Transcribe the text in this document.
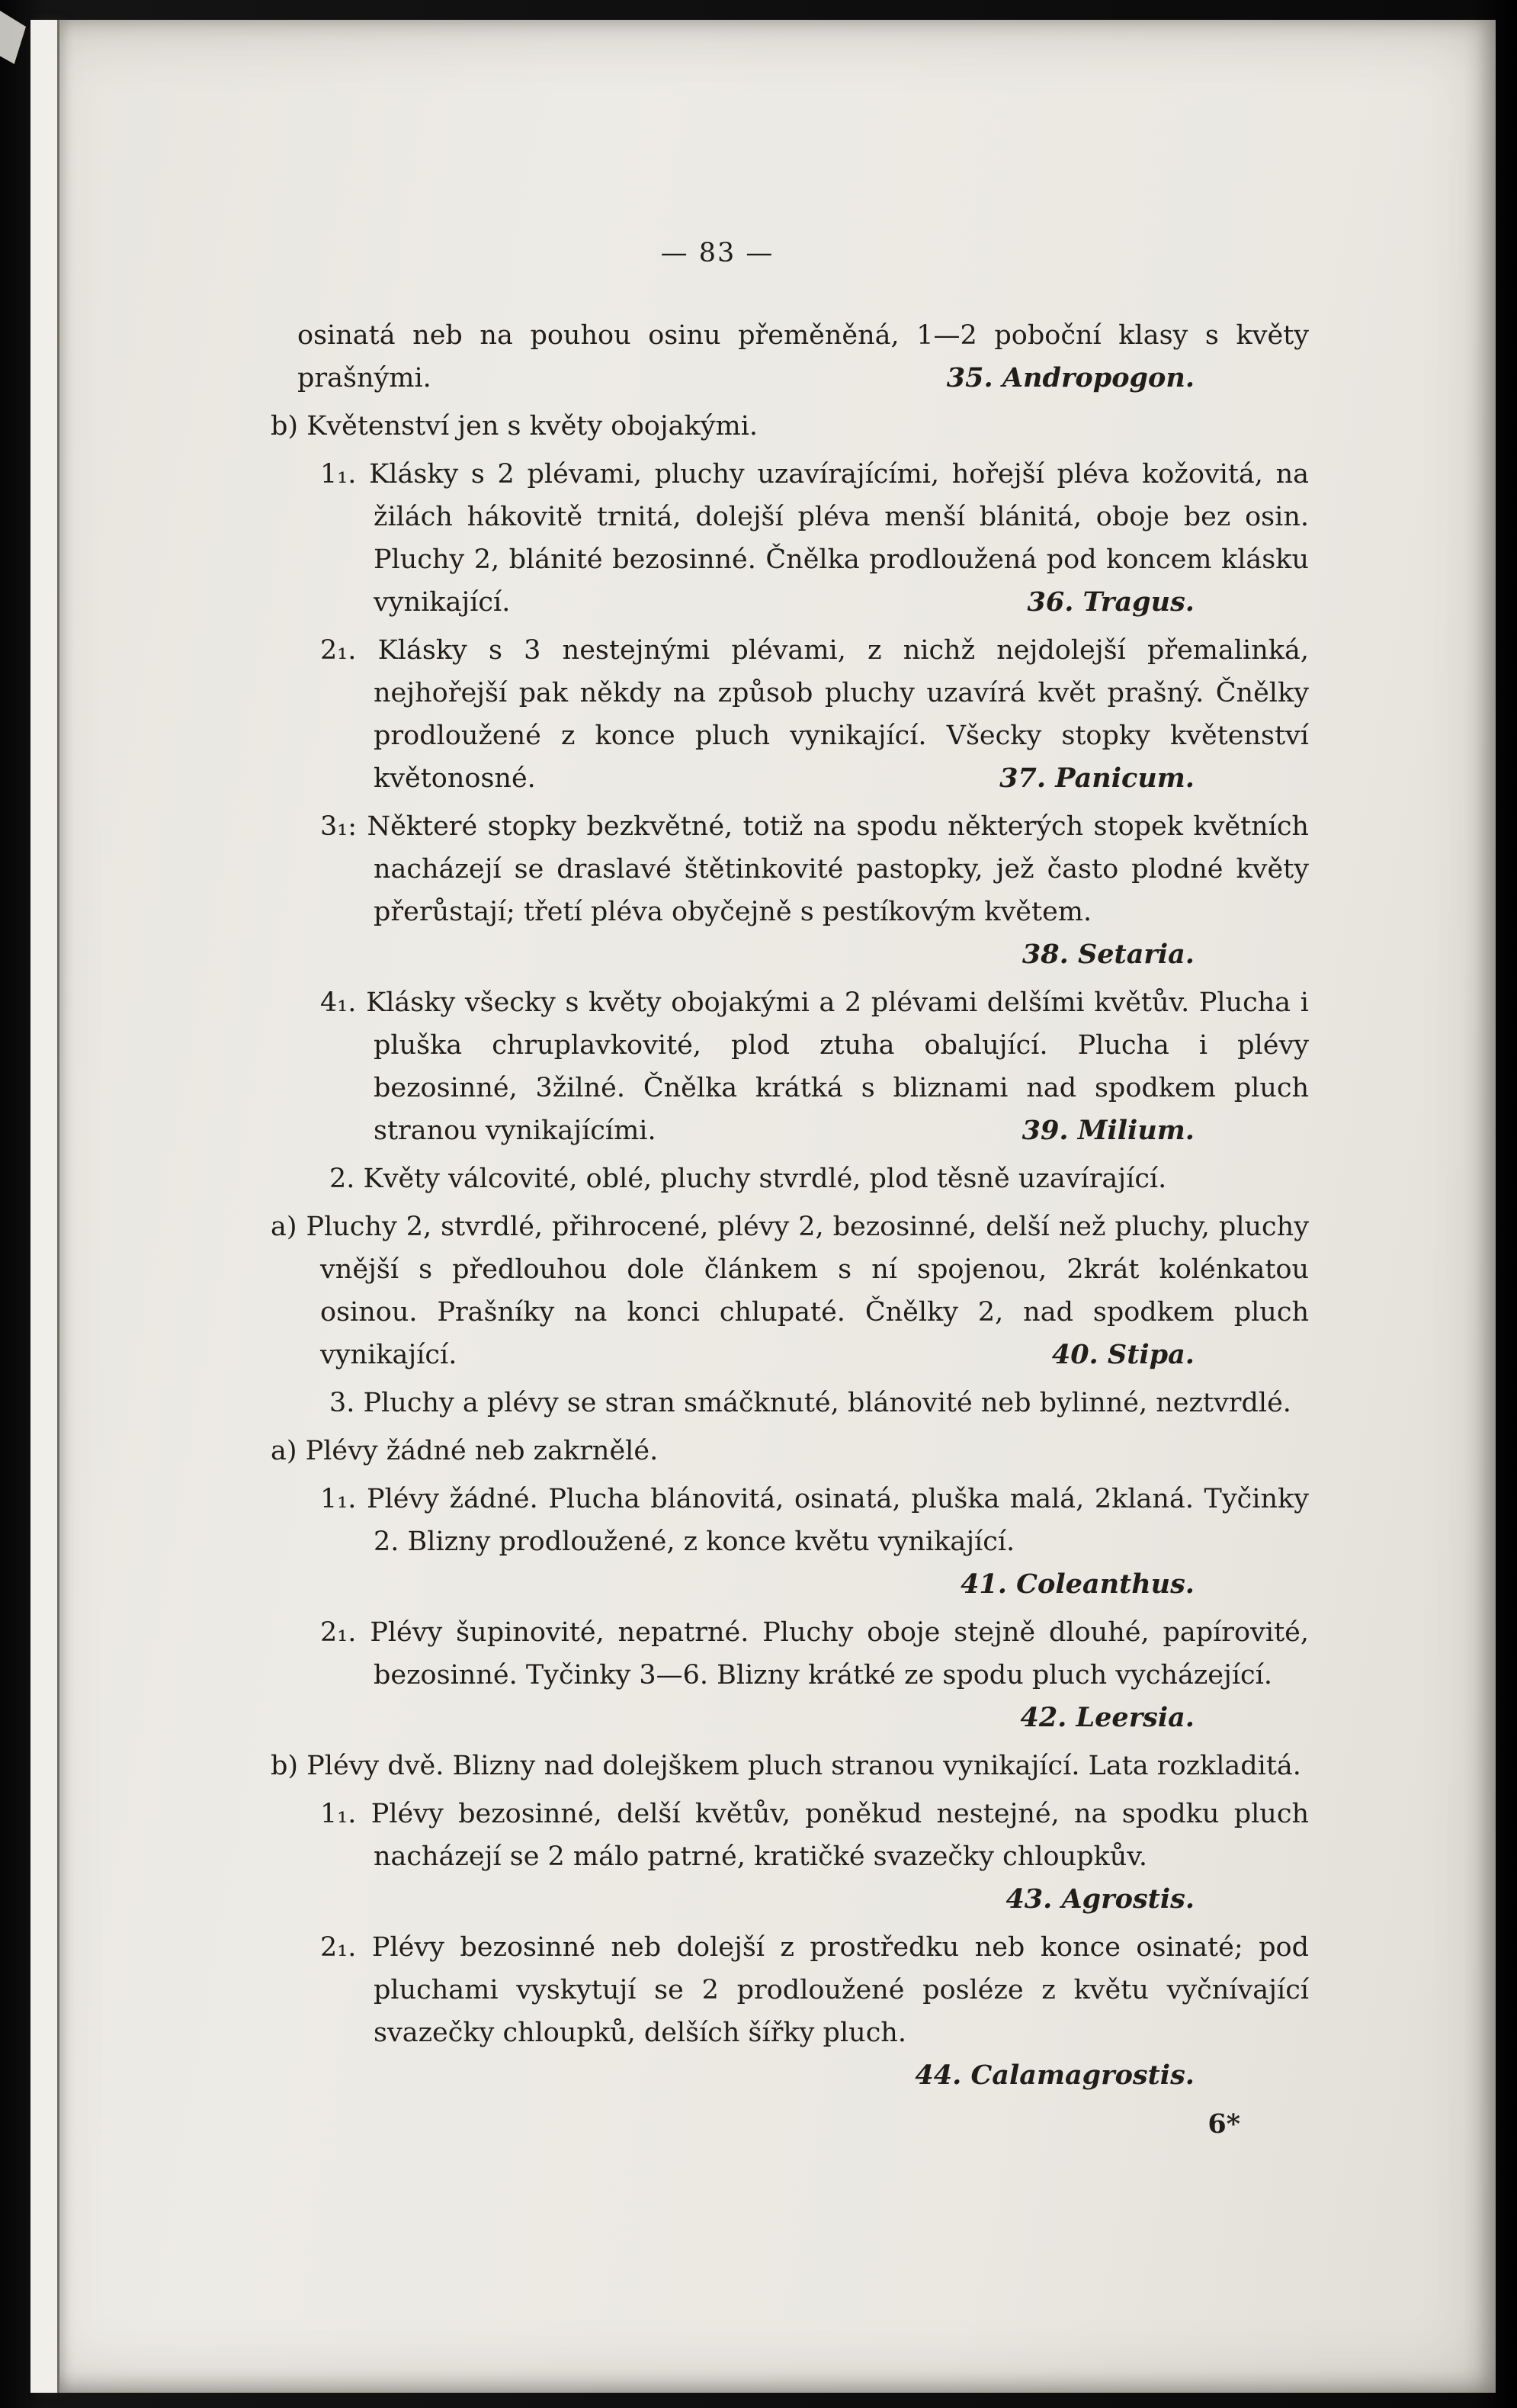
— 83 —

osinatá neb na pouhou osinu přeměněná, 1—2 poboční klasy s květy prašnými.	35. Andropogon.

b) Květenství jen s květy obojakými.

1₁. Klásky s 2 plévami, pluchy uzavírajícími, hořejší pléva kožovitá, na žilách hákovitě trnitá, dolejší pléva menší blánitá, oboje bez osin. Pluchy 2, blánité bezosinné. Čnělka prodloužená pod koncem klásku vynikající.	36. Tragus.

2₁. Klásky s 3 nestejnými plévami, z nichž nejdolejší přemalinká, nejhořejší pak někdy na způsob pluchy uzavírá květ prašný. Čnělky prodloužené z konce pluch vynikající. Všecky stopky květenství květonosné.	37. Panicum.

3₁: Některé stopky bezkvětné, totiž na spodu některých stopek květních nacházejí se draslavé štětinkovité pastopky, jež často plodné květy přerůstají; třetí pléva obyčejně s pestíkovým květem.
38. Setaria.

4₁. Klásky všecky s květy obojakými a 2 plévami delšími květův. Plucha i pluška chruplavkovité, plod ztuha obalující. Plucha i plévy bezosinné, 3žilné. Čnělka krátká s bliznami nad spodkem pluch stranou vynikajícími.	39. Milium.

2. Květy válcovité, oblé, pluchy stvrdlé, plod těsně uzavírající.

a) Pluchy 2, stvrdlé, přihrocené, plévy 2, bezosinné, delší než pluchy, pluchy vnější s předlouhou dole článkem s ní spojenou, 2krát kolénkatou osinou. Prašníky na konci chlupaté. Čnělky 2, nad spodkem pluch vynikající.	40. Stipa.

3. Pluchy a plévy se stran smáčknuté, blánovité neb bylinné, neztvrdlé.

a) Plévy žádné neb zakrnělé.

1₁. Plévy žádné. Plucha blánovitá, osinatá, pluška malá, 2klaná. Tyčinky 2. Blizny prodloužené, z konce květu vynikající.
41. Coleanthus.

2₁. Plévy šupinovité, nepatrné. Pluchy oboje stejně dlouhé, papírovité, bezosinné. Tyčinky 3—6. Blizny krátké ze spodu pluch vycházející.
42. Leersia.

b) Plévy dvě. Blizny nad dolejškem pluch stranou vynikající. Lata rozkladitá.

1₁. Plévy bezosinné, delší květův, poněkud nestejné, na spodku pluch nacházejí se 2 málo patrné, kratičké svazečky chloupkův.
43. Agrostis.

2₁. Plévy bezosinné neb dolejší z prostředku neb konce osinaté; pod pluchami vyskytují se 2 prodloužené posléze z květu vyčnívající svazečky chloupků, delších šířky pluch.
44. Calamagrostis.

6*
